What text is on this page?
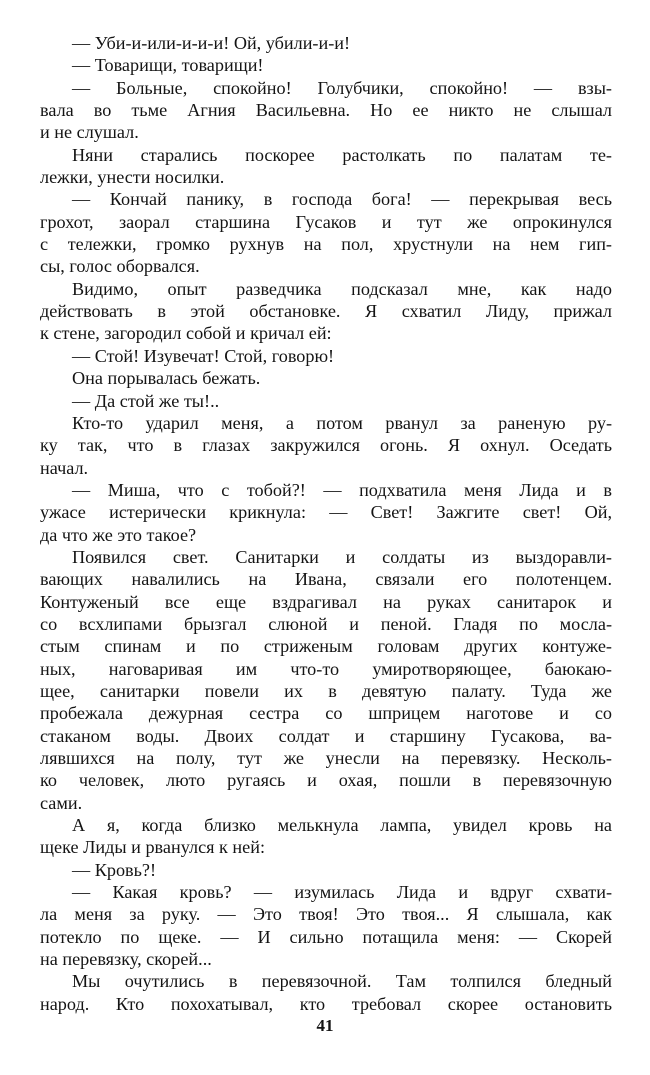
— Уби-и-или-и-и-и! Ой, убили-и-и!
— Товарищи, товарищи!
— Больные, спокойно! Голубчики, спокойно! — взы-
вала во тьме Агния Васильевна. Но ее никто не слышал
и не слушал.
Няни старались поскорее растолкать по палатам те-
лежки, унести носилки.
— Кончай панику, в господа бога! — перекрывая весь
грохот, заорал старшина Гусаков и тут же опрокинулся
с тележки, громко рухнув на пол, хрустнули на нем гип-
сы, голос оборвался.
Видимо, опыт разведчика подсказал мне, как надо
действовать в этой обстановке. Я схватил Лиду, прижал
к стене, загородил собой и кричал ей:
— Стой! Изувечат! Стой, говорю!
Она порывалась бежать.
— Да стой же ты!..
Кто-то ударил меня, а потом рванул за раненую ру-
ку так, что в глазах закружился огонь. Я охнул. Оседать
начал.
— Миша, что с тобой?! — подхватила меня Лида и в
ужасе истерически крикнула: — Свет! Зажгите свет! Ой,
да что же это такое?
Появился свет. Санитарки и солдаты из выздоравли-
вающих навалились на Ивана, связали его полотенцем.
Контуженый все еще вздрагивал на руках санитарок и
со всхлипами брызгал слюной и пеной. Гладя по мосла-
стым спинам и по стриженым головам других контуже-
ных, наговаривая им что-то умиротворяющее, баюкаю-
щее, санитарки повели их в девятую палату. Туда же
пробежала дежурная сестра со шприцем наготове и со
стаканом воды. Двоих солдат и старшину Гусакова, ва-
лявшихся на полу, тут же унесли на перевязку. Несколь-
ко человек, люто ругаясь и охая, пошли в перевязочную
сами.
А я, когда близко мелькнула лампа, увидел кровь на
щеке Лиды и рванулся к ней:
— Кровь?!
— Какая кровь? — изумилась Лида и вдруг схвати-
ла меня за руку. — Это твоя! Это твоя... Я слышала, как
потекло по щеке. — И сильно потащила меня: — Скорей
на перевязку, скорей...
Мы очутились в перевязочной. Там толпился бледный
народ. Кто похохатывал, кто требовал скорее остановить
41
